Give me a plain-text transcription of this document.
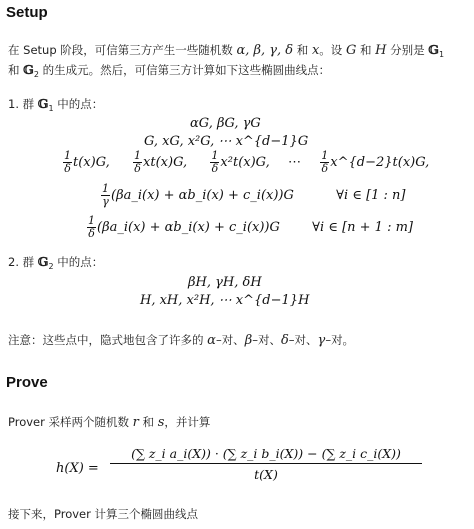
Setup
在 Setup 阶段，可信第三方产生一些随机数 α, β, γ, δ 和 x。设 G 和 H 分别是 𝔾$_1$
和 𝔾$_2$ 的生成元。然后，可信第三方计算如下这些椭圆曲线点：
1. 群 𝔾$_1$ 中的点：
αG, βG, γG
G, xG, x²G, ⋯ x^{d−1}G
$\frac{1}{\delta} t(x)G$, $\frac{1}{\delta} xt(x)G$, $\frac{1}{\delta} x^2t(x)G$, ⋯ $\frac{1}{\delta}$ x^{d−2}t(x)G,
$\frac{1}{\gamma}$ (βa_i(x) + αb_i(x) + c_i(x))G	∀i ∈ [1 : n]
$\frac{1}{\delta}$ (βa_i(x) + αb_i(x) + c_i(x))G ∀i ∈ [n + 1 : m]
2. 群 𝔾$_2$ 中的点：
βH, γH, δH
H, xH, x²H, ⋯ x^{d−1}H
注意：这些点中，隐式地包含了许多的 α–对、β–对、δ–对、γ–对。
Prove
Prover 采样两个随机数 r 和 s，并计算
$h(X) = \frac{\text{(∑ z\_i a\_i(X)) · (∑ z\_i b\_i(X)) − (∑ z\_i c\_i(X))}}{t(X)}$
接下来，Prover 计算三个椭圆曲线点
